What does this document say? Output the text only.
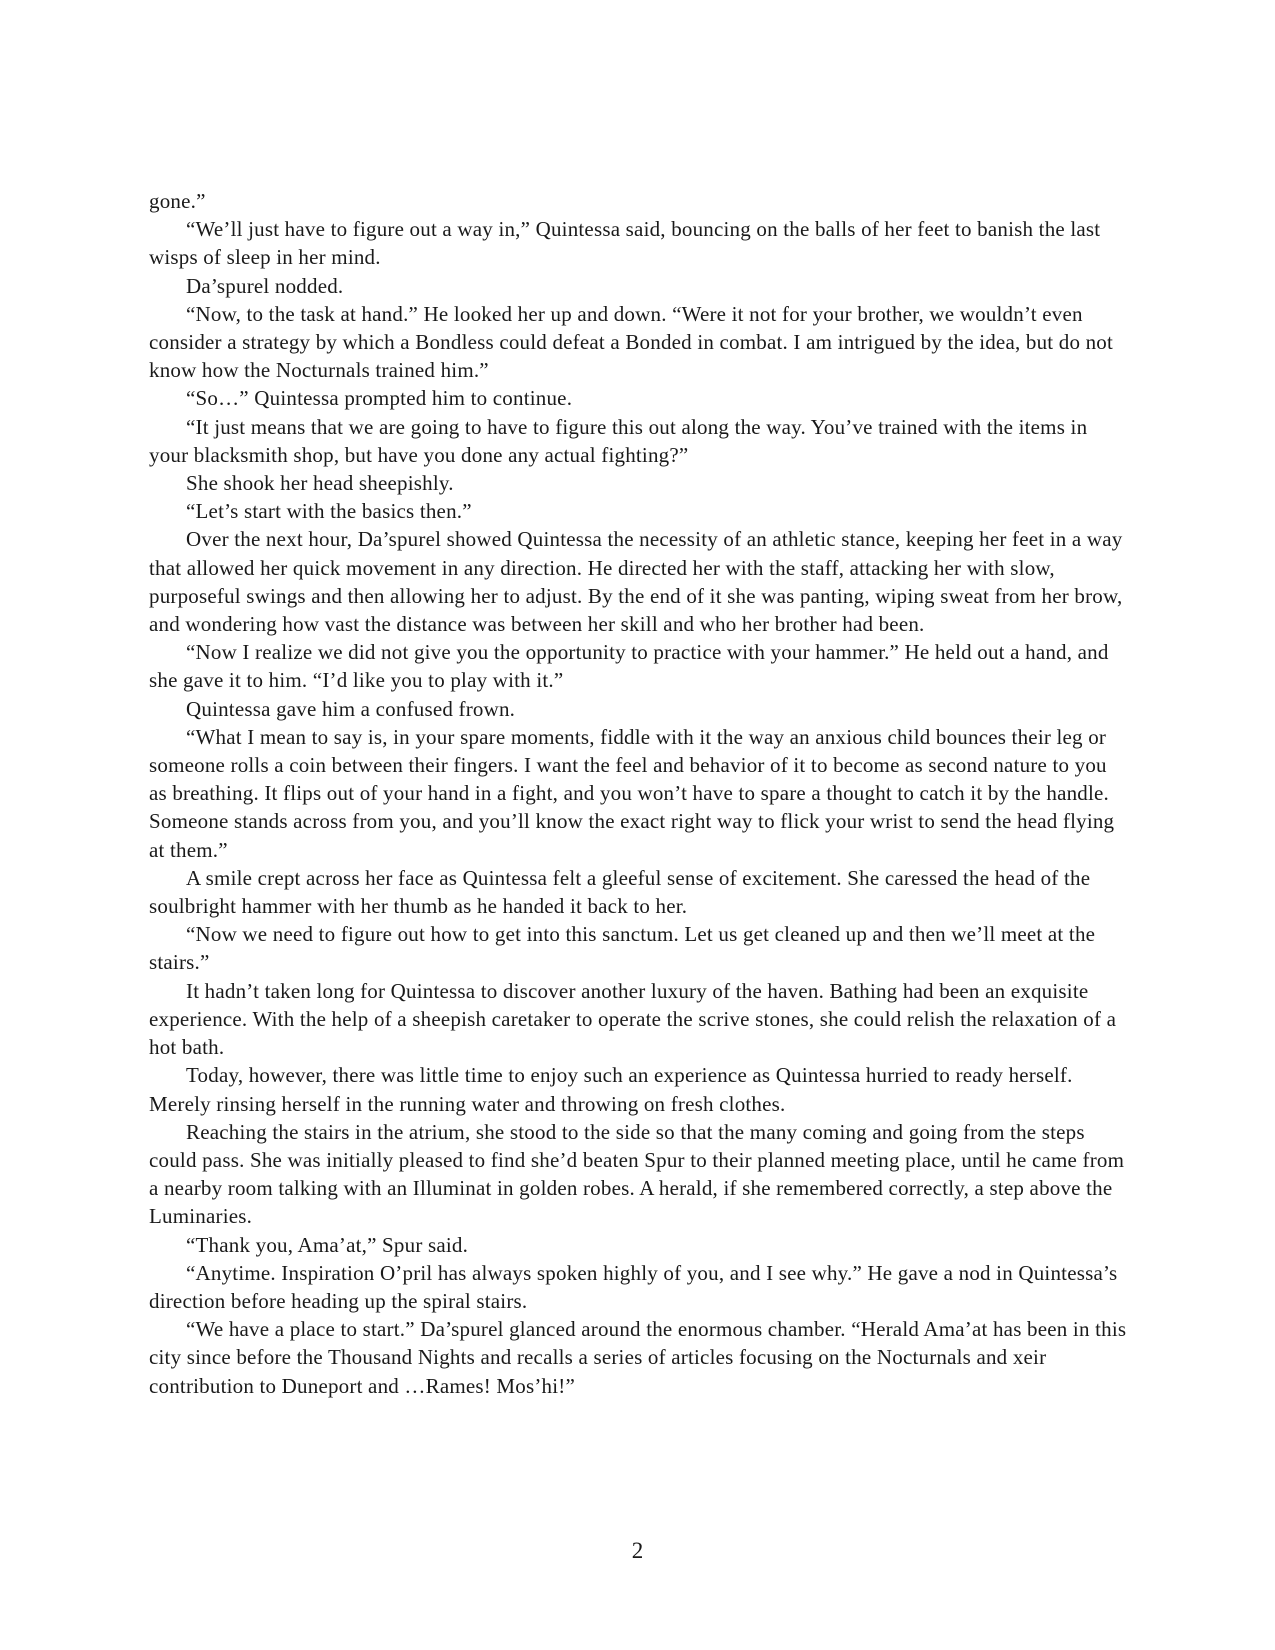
gone.”

“We’ll just have to figure out a way in,” Quintessa said, bouncing on the balls of her feet to banish the last wisps of sleep in her mind.

Da’spurel nodded.

“Now, to the task at hand.” He looked her up and down. “Were it not for your brother, we wouldn’t even consider a strategy by which a Bondless could defeat a Bonded in combat. I am intrigued by the idea, but do not know how the Nocturnals trained him.”

“So…” Quintessa prompted him to continue.

“It just means that we are going to have to figure this out along the way. You’ve trained with the items in your blacksmith shop, but have you done any actual fighting?”

She shook her head sheepishly.

“Let’s start with the basics then.”

Over the next hour, Da’spurel showed Quintessa the necessity of an athletic stance, keeping her feet in a way that allowed her quick movement in any direction. He directed her with the staff, attacking her with slow, purposeful swings and then allowing her to adjust. By the end of it she was panting, wiping sweat from her brow, and wondering how vast the distance was between her skill and who her brother had been.

“Now I realize we did not give you the opportunity to practice with your hammer.” He held out a hand, and she gave it to him. “I’d like you to play with it.”

Quintessa gave him a confused frown.

“What I mean to say is, in your spare moments, fiddle with it the way an anxious child bounces their leg or someone rolls a coin between their fingers. I want the feel and behavior of it to become as second nature to you as breathing. It flips out of your hand in a fight, and you won’t have to spare a thought to catch it by the handle. Someone stands across from you, and you’ll know the exact right way to flick your wrist to send the head flying at them.”

A smile crept across her face as Quintessa felt a gleeful sense of excitement. She caressed the head of the soulbright hammer with her thumb as he handed it back to her.

“Now we need to figure out how to get into this sanctum. Let us get cleaned up and then we’ll meet at the stairs.”

It hadn’t taken long for Quintessa to discover another luxury of the haven. Bathing had been an exquisite experience. With the help of a sheepish caretaker to operate the scrive stones, she could relish the relaxation of a hot bath.

Today, however, there was little time to enjoy such an experience as Quintessa hurried to ready herself. Merely rinsing herself in the running water and throwing on fresh clothes.

Reaching the stairs in the atrium, she stood to the side so that the many coming and going from the steps could pass. She was initially pleased to find she’d beaten Spur to their planned meeting place, until he came from a nearby room talking with an Illuminat in golden robes. A herald, if she remembered correctly, a step above the Luminaries.

“Thank you, Ama’at,” Spur said.

“Anytime. Inspiration O’pril has always spoken highly of you, and I see why.” He gave a nod in Quintessa’s direction before heading up the spiral stairs.

“We have a place to start.” Da’spurel glanced around the enormous chamber. “Herald Ama’at has been in this city since before the Thousand Nights and recalls a series of articles focusing on the Nocturnals and xeir contribution to Duneport and …Rames! Mos’hi!”

2
